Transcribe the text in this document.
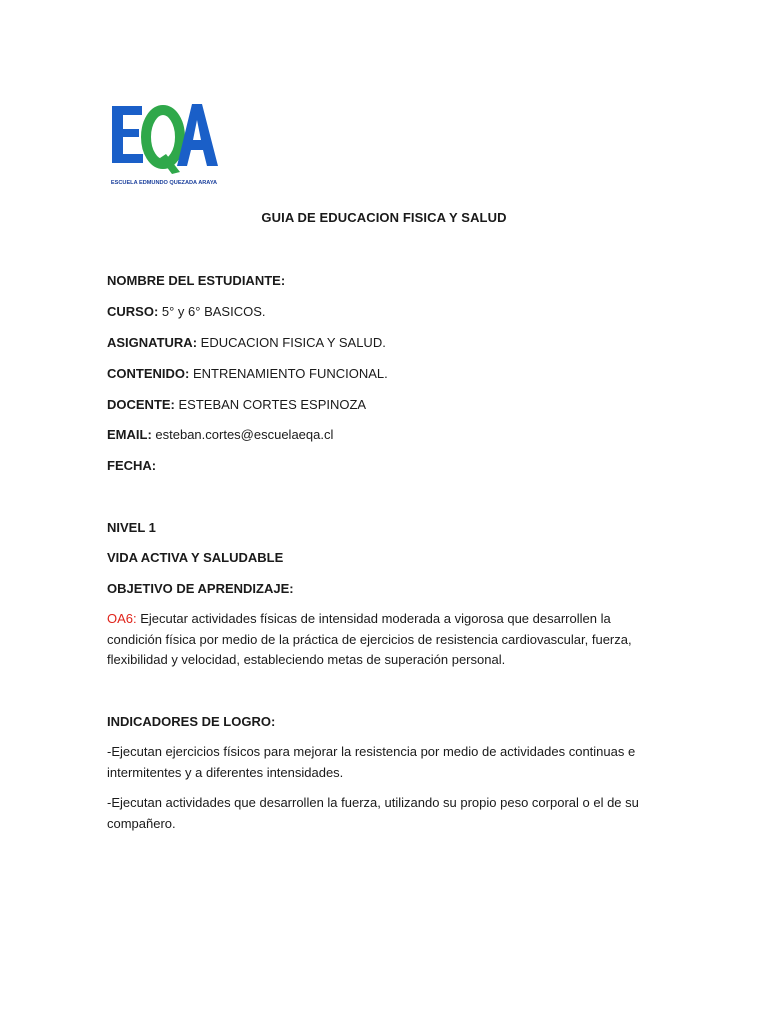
ESCUELA EDMUNDO QUEZADA ARAYA
GUIA DE EDUCACION FISICA Y SALUD
NOMBRE DEL ESTUDIANTE:
CURSO: 5° y 6° BASICOS.
ASIGNATURA: EDUCACION FISICA Y SALUD.
CONTENIDO: ENTRENAMIENTO FUNCIONAL.
DOCENTE: ESTEBAN CORTES ESPINOZA
EMAIL: esteban.cortes@escuelaeqa.cl
FECHA:
NIVEL 1
VIDA ACTIVA Y SALUDABLE
OBJETIVO DE APRENDIZAJE:
OA6: Ejecutar actividades físicas de intensidad moderada a vigorosa que desarrollen la condición física por medio de la práctica de ejercicios de resistencia cardiovascular, fuerza, flexibilidad y velocidad, estableciendo metas de superación personal.
INDICADORES DE LOGRO:
-Ejecutan ejercicios físicos para mejorar la resistencia por medio de actividades continuas e intermitentes y a diferentes intensidades.
-Ejecutan actividades que desarrollen la fuerza, utilizando su propio peso corporal o el de su compañero.
